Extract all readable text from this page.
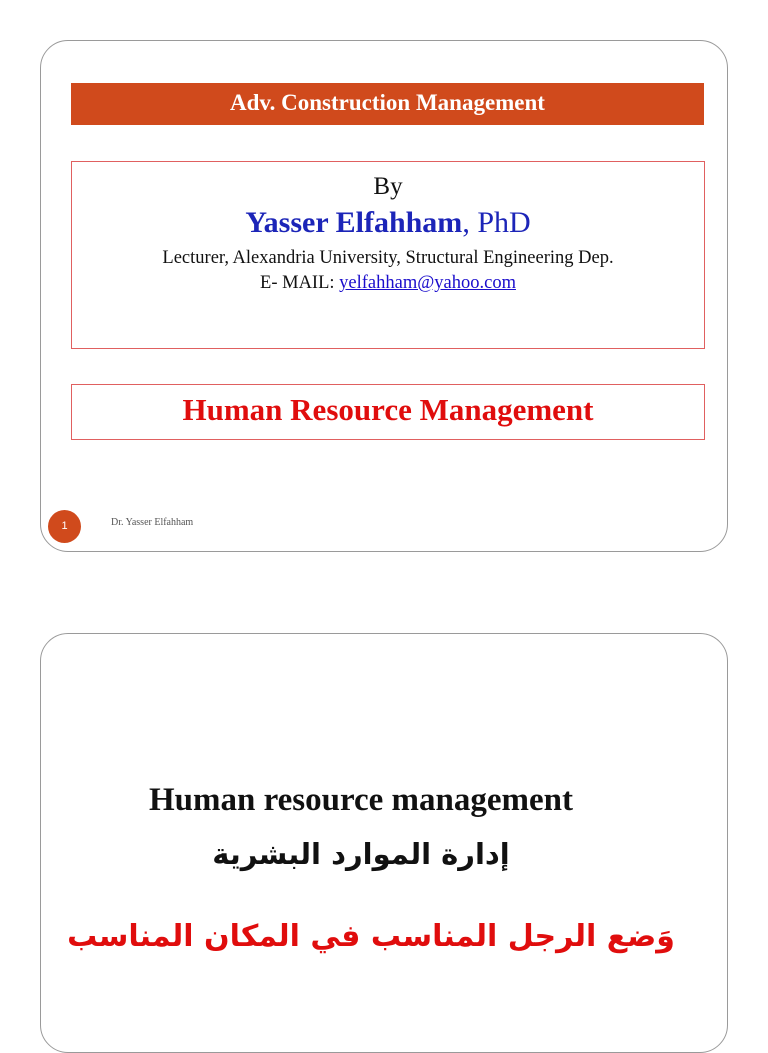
Adv. Construction Management
By
Yasser Elfahham, PhD
Lecturer, Alexandria University, Structural Engineering Dep.
E- MAIL: yelfahham@yahoo.com
Human Resource Management
1	Dr. Yasser Elfahham
Human resource management
إدارة الموارد البشرية
وَضع الرجل المناسب في المكان المناسب
